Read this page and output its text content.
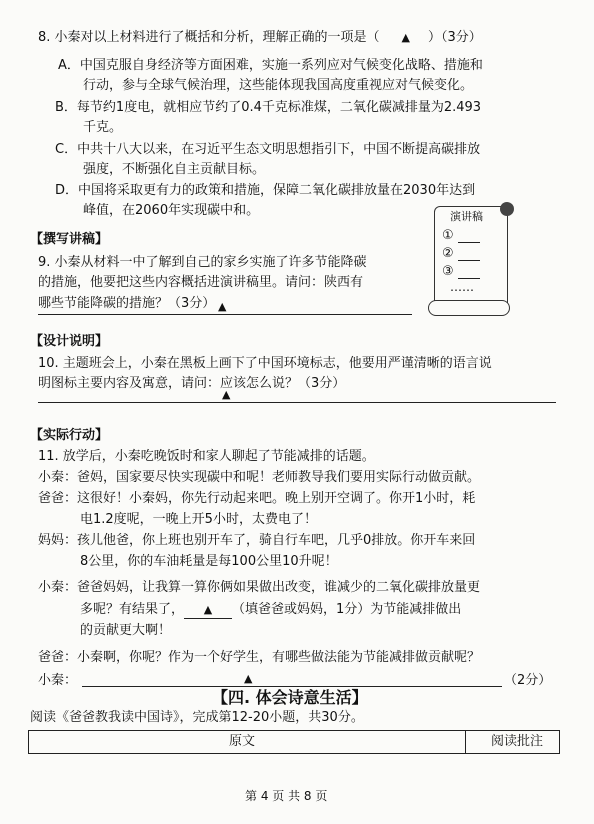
8. 小秦对以上材料进行了概括和分析，理解正确的一项是（ ▲ ）（3分）
A．中国克服自身经济等方面困难，实施一系列应对气候变化战略、措施和
行动，参与全球气候治理，这些能体现我国高度重视应对气候变化。
B．每节约1度电，就相应节约了0.4千克标准煤，二氧化碳减排量为2.493
千克。
C．中共十八大以来，在习近平生态文明思想指引下，中国不断提高碳排放
强度，不断强化自主贡献目标。
D．中国将采取更有力的政策和措施，保障二氧化碳排放量在2030年达到
峰值，在2060年实现碳中和。
【撰写讲稿】
9. 小秦从材料一中了解到自己的家乡实施了许多节能降碳
的措施，他要把这些内容概括进演讲稿里。请问：陕西有
哪些节能降碳的措施？（3分） ▲
演讲稿
①
②
③
……
【设计说明】
10. 主题班会上，小秦在黑板上画下了中国环境标志，他要用严谨清晰的语言说
明图标主要内容及寓意，请问：应该怎么说？（3分）
▲
【实际行动】
11. 放学后，小秦吃晚饭时和家人聊起了节能减排的话题。
小秦：爸妈，国家要尽快实现碳中和呢！老师教导我们要用实际行动做贡献。
爸爸：这很好！小秦妈，你先行动起来吧。晚上别开空调了。你开1小时，耗
电1.2度呢，一晚上开5小时，太费电了！
妈妈：孩儿他爸，你上班也别开车了，骑自行车吧，几乎0排放。你开车来回
8公里，你的车油耗量是每100公里10升呢！
小秦：爸爸妈妈，让我算一算你俩如果做出改变，谁减少的二氧化碳排放量更
多呢？有结果了， ▲ （填爸爸或妈妈，1分）为节能减排做出
的贡献更大啊！
爸爸：小秦啊，你呢？作为一个好学生，有哪些做法能为节能减排做贡献呢？
小秦：	▲	（2分）
【四. 体会诗意生活】
阅读《爸爸教我读中国诗》，完成第12-20小题，共30分。
原文	阅读批注
第 4 页 共 8 页
